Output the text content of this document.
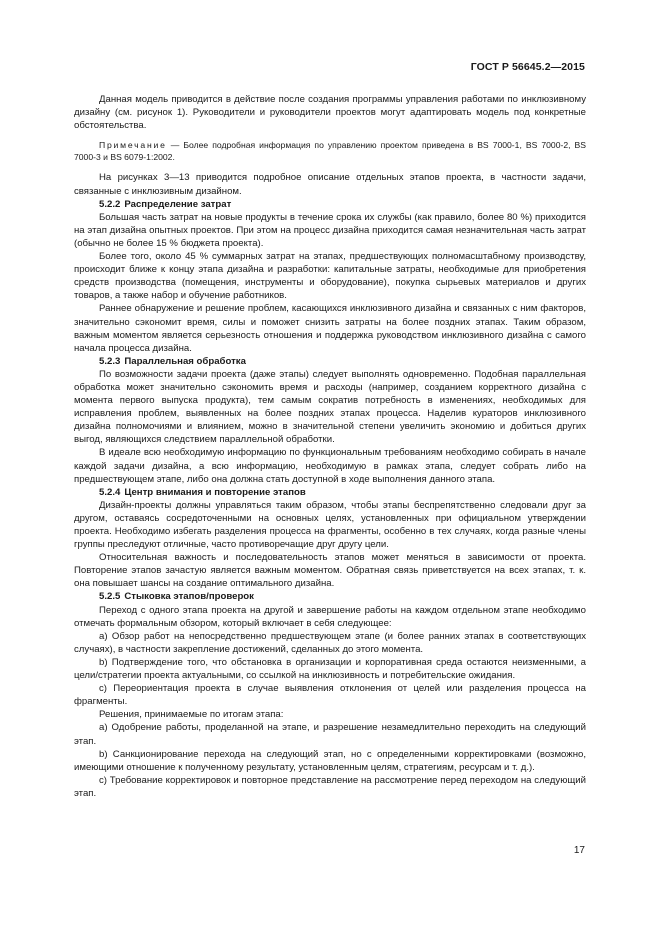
ГОСТ Р 56645.2—2015

Данная модель приводится в действие после создания программы управления работами по инклюзивному дизайну (см. рисунок 1). Руководители и руководители проектов могут адаптировать модель под конкретные обстоятельства.

Примечание — Более подробная информация по управлению проектом приведена в BS 7000-1, BS 7000-2, BS 7000-3 и BS 6079-1:2002.

На рисунках 3—13 приводится подробное описание отдельных этапов проекта, в частности задачи, связанные с инклюзивным дизайном.

5.2.2 Распределение затрат

Большая часть затрат на новые продукты в течение срока их службы (как правило, более 80 %) приходится на этап дизайна опытных проектов. При этом на процесс дизайна приходится самая незначительная часть затрат (обычно не более 15 % бюджета проекта).

Более того, около 45 % суммарных затрат на этапах, предшествующих полномасштабному производству, происходит ближе к концу этапа дизайна и разработки: капитальные затраты, необходимые для приобретения средств производства (помещения, инструменты и оборудование), покупка сырьевых материалов и других товаров, а также набор и обучение работников.

Раннее обнаружение и решение проблем, касающихся инклюзивного дизайна и связанных с ним факторов, значительно сэкономит время, силы и поможет снизить затраты на более поздних этапах. Таким образом, важным моментом является серьезность отношения и поддержка руководством инклюзивного дизайна с самого начала процесса дизайна.

5.2.3 Параллельная обработка

По возможности задачи проекта (даже этапы) следует выполнять одновременно. Подобная параллельная обработка может значительно сэкономить время и расходы (например, созданием корректного дизайна с момента первого выпуска продукта), тем самым сократив потребность в изменениях, необходимых для исправления проблем, выявленных на более поздних этапах процесса. Наделив кураторов инклюзивного дизайна полномочиями и влиянием, можно в значительной степени увеличить экономию и добиться других выгод, являющихся следствием параллельной обработки.

В идеале всю необходимую информацию по функциональным требованиям необходимо собирать в начале каждой задачи дизайна, а всю информацию, необходимую в рамках этапа, следует собрать либо на предшествующем этапе, либо она должна стать доступной в ходе выполнения данного этапа.

5.2.4 Центр внимания и повторение этапов

Дизайн-проекты должны управляться таким образом, чтобы этапы беспрепятственно следовали друг за другом, оставаясь сосредоточенными на основных целях, установленных при официальном утверждении проекта. Необходимо избегать разделения процесса на фрагменты, особенно в тех случаях, когда разные члены группы преследуют отличные, часто противоречащие друг другу цели.

Относительная важность и последовательность этапов может меняться в зависимости от проекта. Повторение этапов зачастую является важным моментом. Обратная связь приветствуется на всех этапах, т. к. она повышает шансы на создание оптимального дизайна.

5.2.5 Стыковка этапов/проверок

Переход с одного этапа проекта на другой и завершение работы на каждом отдельном этапе необходимо отмечать формальным обзором, который включает в себя следующее:

a) Обзор работ на непосредственно предшествующем этапе (и более ранних этапах в соответствующих случаях), в частности закрепление достижений, сделанных до этого момента.

b) Подтверждение того, что обстановка в организации и корпоративная среда остаются неизменными, а цели/стратегии проекта актуальными, со ссылкой на инклюзивность и потребительские ожидания.

c) Переориентация проекта в случае выявления отклонения от целей или разделения процесса на фрагменты.

Решения, принимаемые по итогам этапа:

a) Одобрение работы, проделанной на этапе, и разрешение незамедлительно переходить на следующий этап.

b) Санкционирование перехода на следующий этап, но с определенными корректировками (возможно, имеющими отношение к полученному результату, установленным целям, стратегиям, ресурсам и т. д.).

c) Требование корректировок и повторное представление на рассмотрение перед переходом на следующий этап.

17
